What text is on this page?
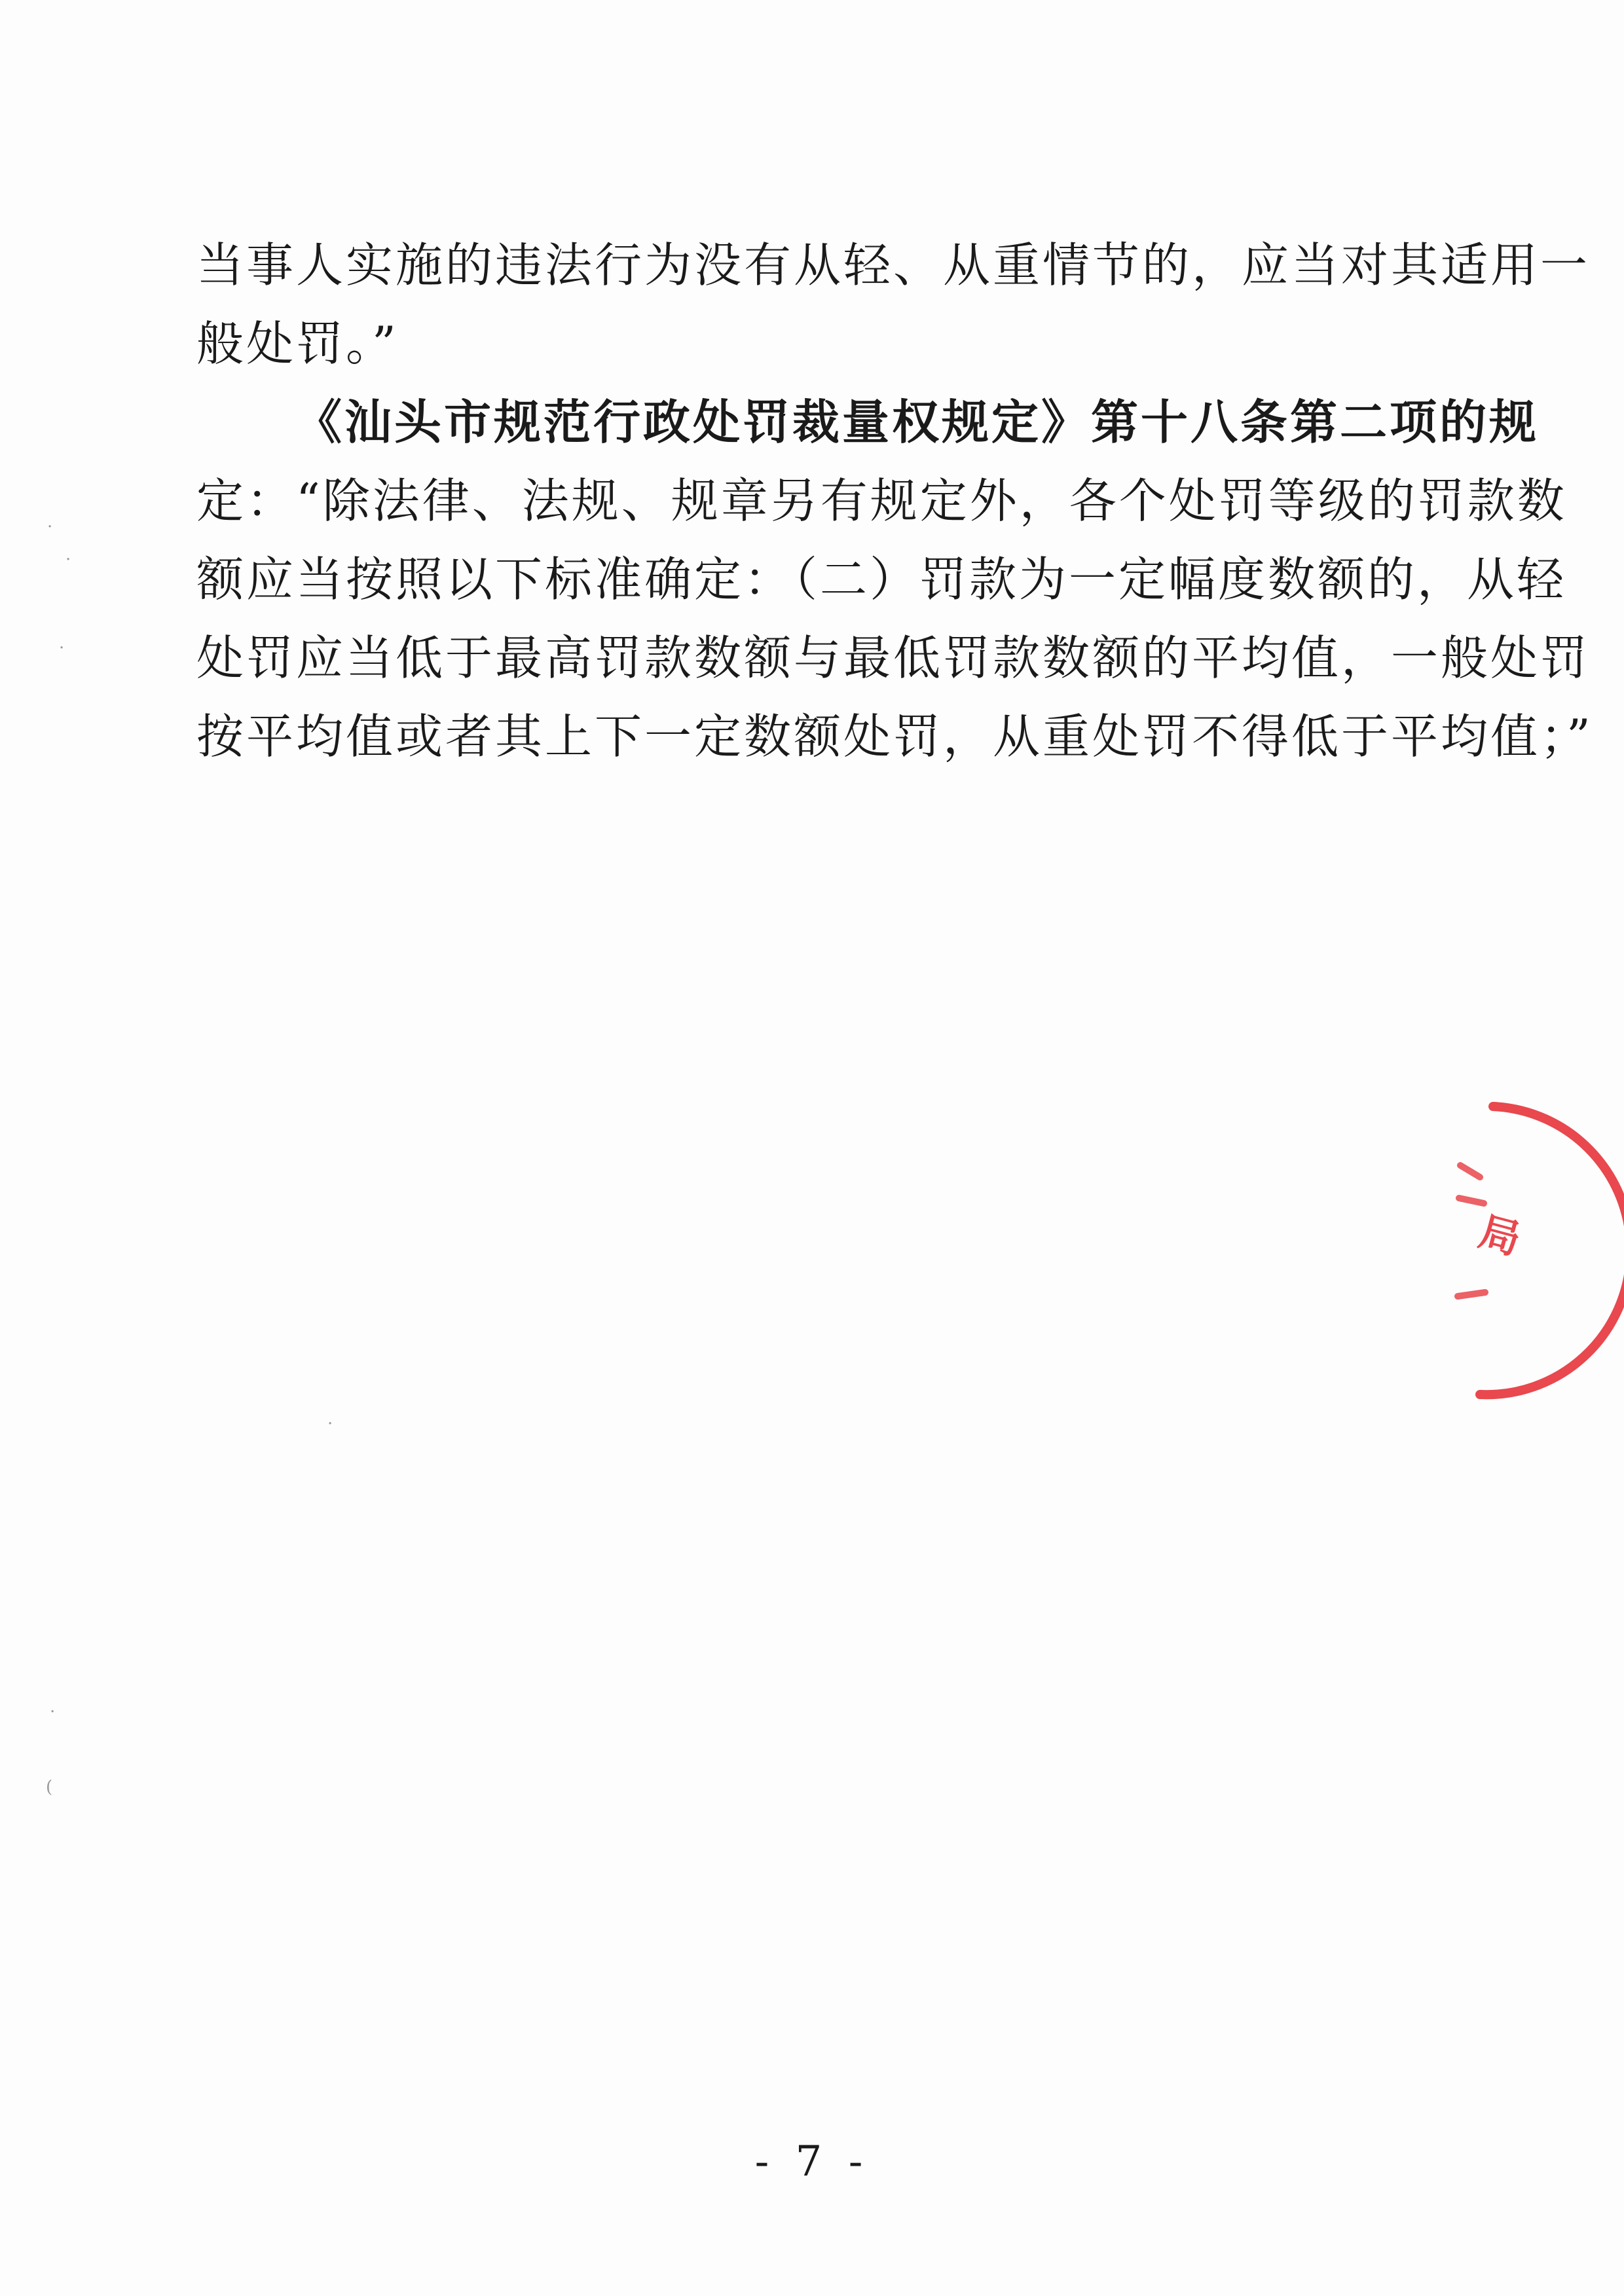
当事人实施的违法行为没有从轻、从重情节的，应当对其适用一
般处罚。”
《汕头市规范行政处罚裁量权规定》第十八条第二项的规
定：“除法律、法规、规章另有规定外，各个处罚等级的罚款数
额应当按照以下标准确定：（二）罚款为一定幅度数额的，从轻
处罚应当低于最高罚款数额与最低罚款数额的平均值，一般处罚
按平均值或者其上下一定数额处罚，从重处罚不得低于平均值；”
局
·
·
·
·
(
·
- 7 -
